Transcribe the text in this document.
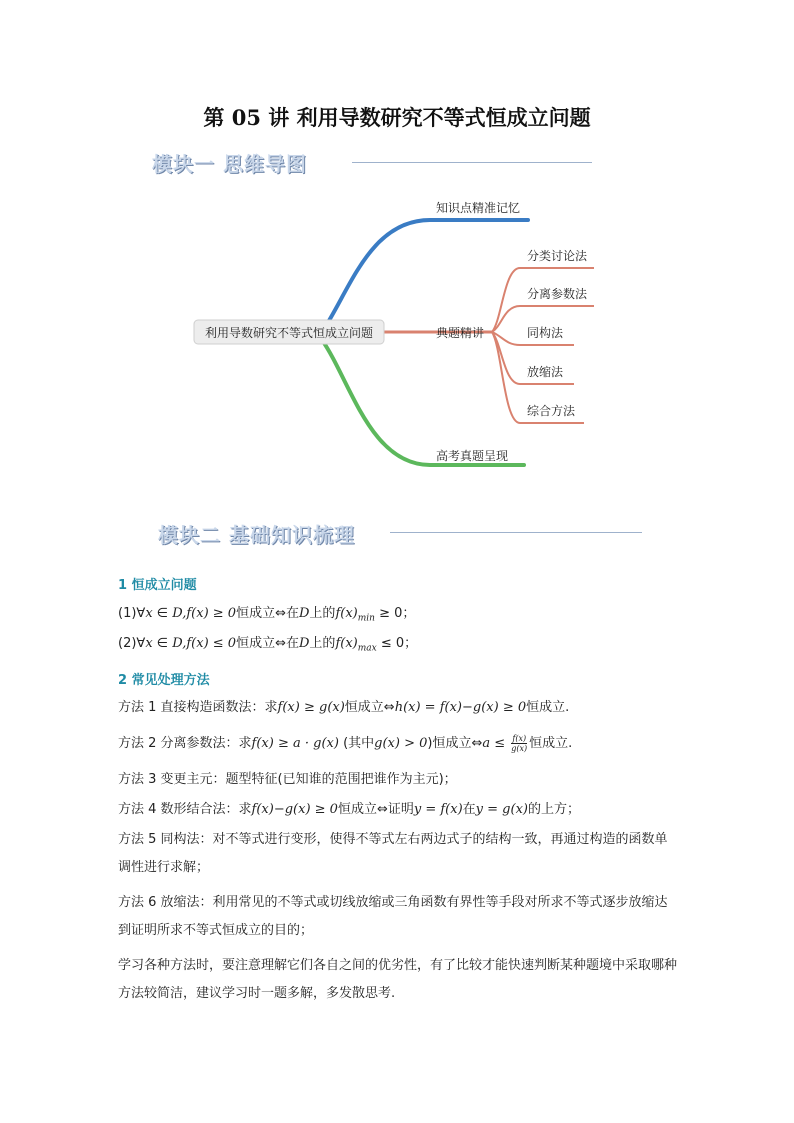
第 05 讲 利用导数研究不等式恒成立问题
模块一 思维导图
利用导数研究不等式恒成立问题
知识点精准记忆
典题精讲
高考真题呈现
分类讨论法
分离参数法
同构法
放缩法
综合方法
模块二 基础知识梳理
1 恒成立问题
(1)∀x ∈ D,f(x) ≥ 0恒成立⇔在D上的$f(x)_{min} \ge 0$；
(2)∀x ∈ D,f(x) ≤ 0恒成立⇔在D上的$f(x)_{max} \le 0$；
2 常见处理方法
方法 1 直接构造函数法：求f(x) ≥ g(x)恒成立⇔h(x) = f(x)−g(x) ≥ 0恒成立.
方法 2 分离参数法：求f(x) ≥ a · g(x) (其中g(x) > 0)恒成立⇔a ≤ $\frac{f(x)}{g(x)}$ 恒成立.
方法 3 变更主元：题型特征(已知谁的范围把谁作为主元)；
方法 4 数形结合法：求f(x)−g(x) ≥ 0恒成立⇔证明y = f(x)在y = g(x)的上方；
方法 5 同构法：对不等式进行变形，使得不等式左右两边式子的结构一致，再通过构造的函数单调性进行求解；
方法 6 放缩法：利用常见的不等式或切线放缩或三角函数有界性等手段对所求不等式逐步放缩达到证明所求不等式恒成立的目的；
学习各种方法时，要注意理解它们各自之间的优劣性，有了比较才能快速判断某种题境中采取哪种方法较简洁，建议学习时一题多解，多发散思考.
